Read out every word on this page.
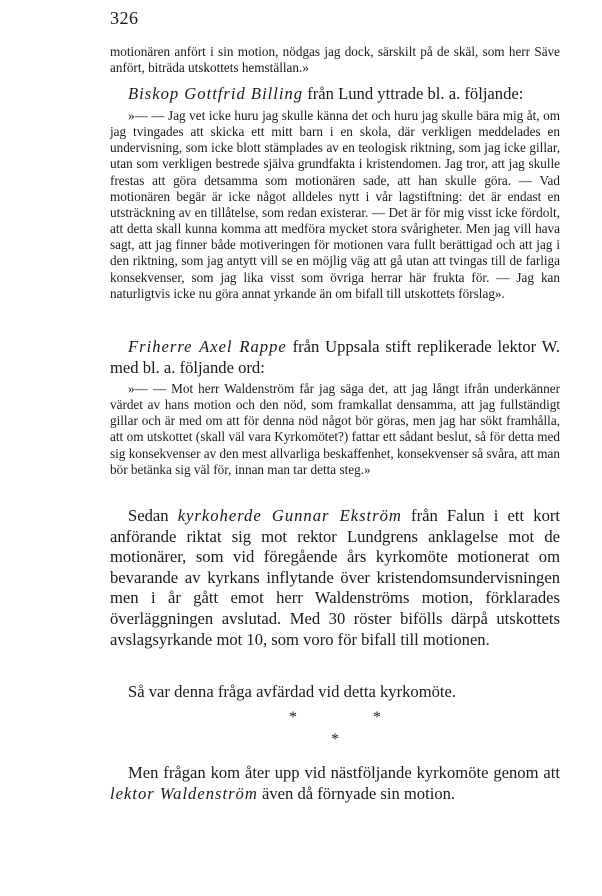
326

motionären anfört i sin motion, nödgas jag dock, särskilt på de skäl, som herr Säve anfört, biträda utskottets hemställan.»

Biskop Gottfrid Billing från Lund yttrade bl. a. följande:

»— — Jag vet icke huru jag skulle känna det och huru jag skulle bära mig åt, om jag tvingades att skicka ett mitt barn i en skola, där verkligen meddelades en undervisning, som icke blott stämplades av en teologisk riktning, som jag icke gillar, utan som verkligen bestrede själva grundfakta i kristendomen. Jag tror, att jag skulle frestas att göra detsamma som motionären sade, att han skulle göra. — Vad motionären begär är icke något alldeles nytt i vår lagstiftning: det är endast en utsträckning av en tillåtelse, som redan existerar. — Det är för mig visst icke fördolt, att detta skall kunna komma att medföra mycket stora svårigheter. Men jag vill hava sagt, att jag finner både motiveringen för motionen vara fullt berättigad och att jag i den riktning, som jag antytt vill se en möjlig väg att gå utan att tvingas till de farliga konsekvenser, som jag lika visst som övriga herrar här frukta för. — Jag kan naturligtvis icke nu göra annat yrkande än om bifall till utskottets förslag».

Friherre Axel Rappe från Uppsala stift replikerade lektor W. med bl. a. följande ord:

»— — Mot herr Waldenström får jag säga det, att jag långt ifrån underkänner värdet av hans motion och den nöd, som framkallat densamma, att jag fullständigt gillar och är med om att för denna nöd något bör göras, men jag har sökt framhålla, att om utskottet (skall väl vara Kyrkomötet?) fattar ett sådant beslut, så för detta med sig konsekvenser av den mest allvarliga beskaffenhet, konsekvenser så svåra, att man bör betänka sig väl för, innan man tar detta steg.»

Sedan kyrkoherde Gunnar Ekström från Falun i ett kort anförande riktat sig mot rektor Lundgrens anklagelse mot de motionärer, som vid föregående års kyrkomöte motionerat om bevarande av kyrkans inflytande över kristendomsundervisningen men i år gått emot herr Waldenströms motion, förklarades överläggningen avslutad. Med 30 röster bifölls därpå utskottets avslagsyrkande mot 10, som voro för bifall till motionen.

Så var denna fråga avfärdad vid detta kyrkomöte.

*	*
*

Men frågan kom åter upp vid nästföljande kyrkomöte genom att lektor Waldenström även då förnyade sin motion.
